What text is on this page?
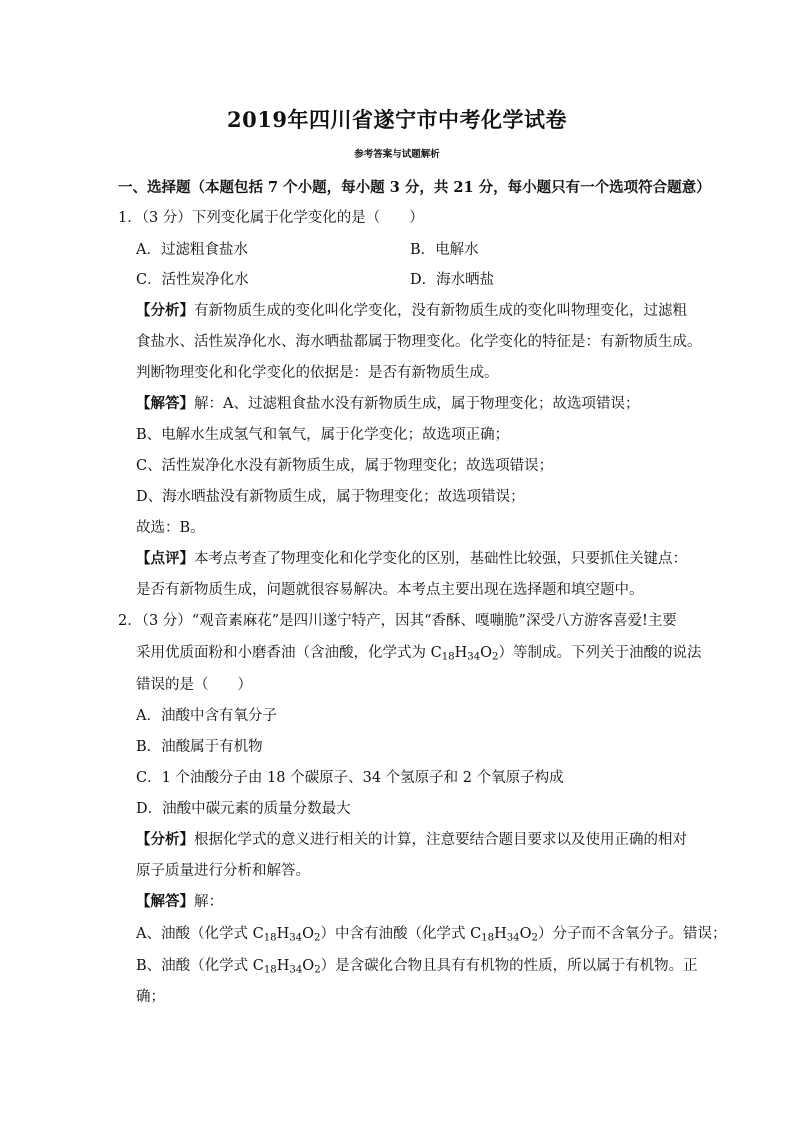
2019年四川省遂宁市中考化学试卷
参考答案与试题解析
一、选择题（本题包括 7 个小题，每小题 3 分，共 21 分，每小题只有一个选项符合题意）
1．（3 分）下列变化属于化学变化的是（　　）
A．过滤粗食盐水	B．电解水
C．活性炭净化水	D．海水晒盐
【分析】有新物质生成的变化叫化学变化，没有新物质生成的变化叫物理变化，过滤粗
食盐水、活性炭净化水、海水晒盐都属于物理变化。化学变化的特征是：有新物质生成。
判断物理变化和化学变化的依据是：是否有新物质生成。
【解答】解：A、过滤粗食盐水没有新物质生成，属于物理变化；故选项错误；
B、电解水生成氢气和氧气，属于化学变化；故选项正确；
C、活性炭净化水没有新物质生成，属于物理变化；故选项错误；
D、海水晒盐没有新物质生成，属于物理变化；故选项错误；
故选：B。
【点评】本考点考查了物理变化和化学变化的区别，基础性比较强，只要抓住关键点：
是否有新物质生成，问题就很容易解决。本考点主要出现在选择题和填空题中。
2．（3 分）“观音素麻花”是四川遂宁特产，因其“香酥、嘎嘣脆”深受八方游客喜爱!主要
采用优质面粉和小磨香油（含油酸，化学式为 $C_{18}H_{34}O_2$）等制成。下列关于油酸的说法
错误的是（　　）
A．油酸中含有氧分子
B．油酸属于有机物
C．1 个油酸分子由 18 个碳原子、34 个氢原子和 2 个氧原子构成
D．油酸中碳元素的质量分数最大
【分析】根据化学式的意义进行相关的计算，注意要结合题目要求以及使用正确的相对
原子质量进行分析和解答。
【解答】解：
A、油酸（化学式 $C_{18}H_{34}O_2$）中含有油酸（化学式 $C_{18}H_{34}O_2$）分子而不含氧分子。错误；
B、油酸（化学式 $C_{18}H_{34}O_2$）是含碳化合物且具有有机物的性质，所以属于有机物。正
确；
